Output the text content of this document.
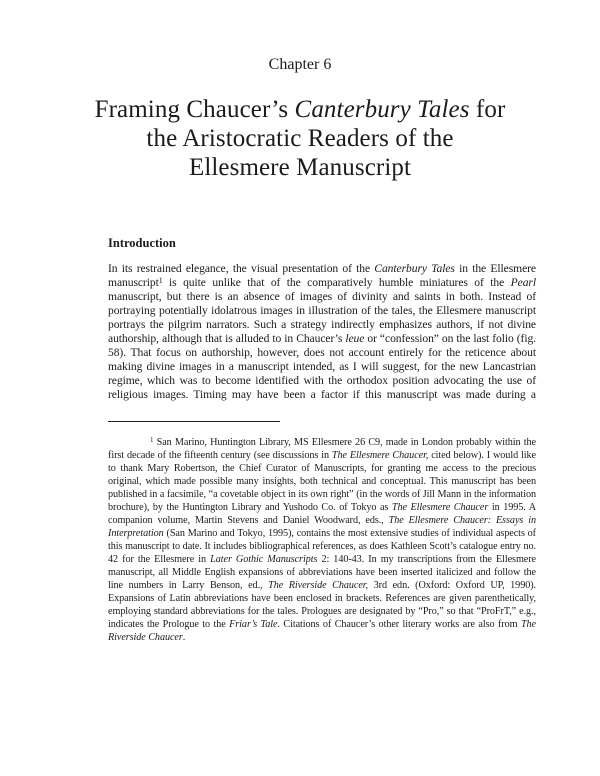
Chapter 6
Framing Chaucer’s Canterbury Tales for
the Aristocratic Readers of the
Ellesmere Manuscript
Introduction

In its restrained elegance, the visual presentation of the Canterbury Tales in the Ellesmere manuscript$^1$ is quite unlike that of the comparatively humble miniatures of the Pearl manuscript, but there is an absence of images of divinity and saints in both. Instead of portraying potentially idolatrous images in illustration of the tales, the Ellesmere manuscript portrays the pilgrim narrators. Such a strategy indirectly emphasizes authors, if not divine authorship, although that is alluded to in Chaucer’s leue or “confession” on the last folio (fig. 58). That focus on authorship, however, does not account entirely for the reticence about making divine images in a manuscript intended, as I will suggest, for the new Lancastrian regime, which was to become identified with the orthodox position advocating the use of religious images. Timing may have been a factor if this manuscript was made during a

$^1$ San Marino, Huntington Library, MS Ellesmere 26 C9, made in London probably within the first decade of the fifteenth century (see discussions in The Ellesmere Chaucer, cited below). I would like to thank Mary Robertson, the Chief Curator of Manuscripts, for granting me access to the precious original, which made possible many insights, both technical and conceptual. This manuscript has been published in a facsimile, “a covetable object in its own right” (in the words of Jill Mann in the information brochure), by the Huntington Library and Yushodo Co. of Tokyo as The Ellesmere Chaucer in 1995. A companion volume, Martin Stevens and Daniel Woodward, eds., The Ellesmere Chaucer: Essays in Interpretation (San Marino and Tokyo, 1995), contains the most extensive studies of individual aspects of this manuscript to date. It includes bibliographical references, as does Kathleen Scott’s catalogue entry no. 42 for the Ellesmere in Later Gothic Manuscripts 2: 140-43. In my transcriptions from the Ellesmere manuscript, all Middle English expansions of abbreviations have been inserted italicized and follow the line numbers in Larry Benson, ed., The Riverside Chaucer, 3rd edn. (Oxford: Oxford UP, 1990). Expansions of Latin abbreviations have been enclosed in brackets. References are given parenthetically, employing standard abbreviations for the tales. Prologues are designated by “Pro,” so that “ProFrT,” e.g., indicates the Prologue to the Friar’s Tale. Citations of Chaucer’s other literary works are also from The Riverside Chaucer.
